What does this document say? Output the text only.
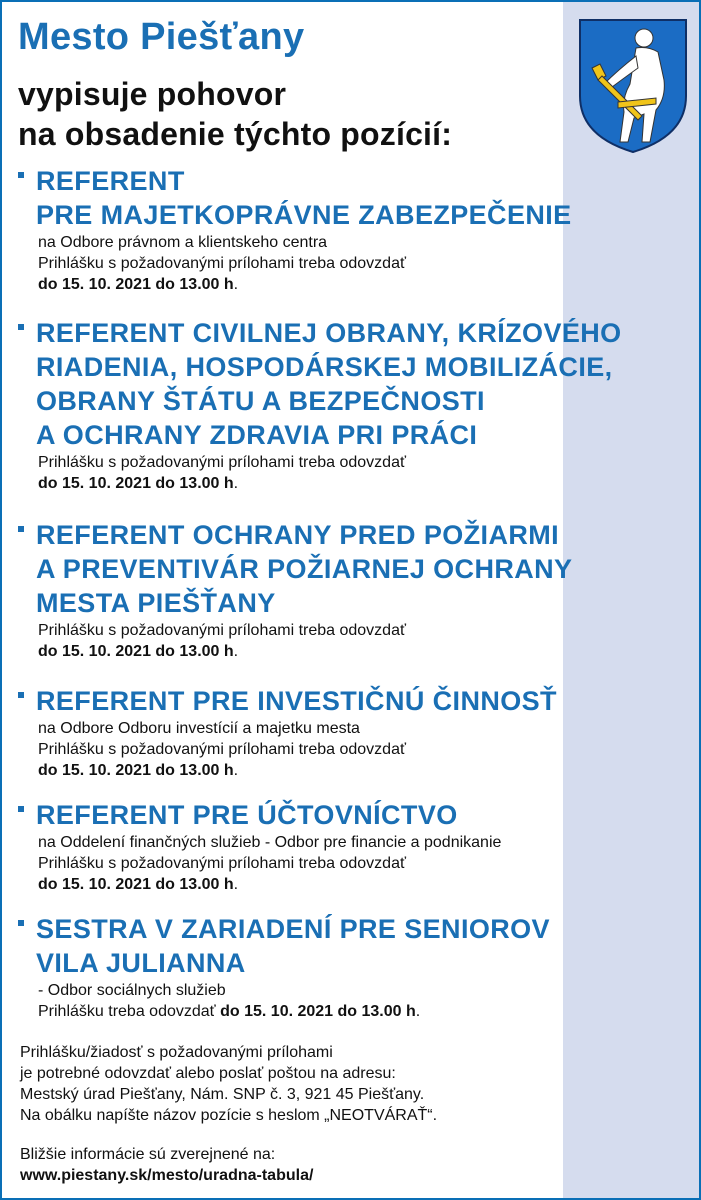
Mesto Piešťany
vypisuje pohovor
na obsadenie týchto pozícií:
REFERENT
PRE MAJETKOPRÁVNE ZABEZPEČENIE
na Odbore právnom a klientskeho centra
Prihlášku s požadovanými prílohami treba odovzdať
do 15. 10. 2021 do 13.00 h.
REFERENT CIVILNEJ OBRANY, KRÍZOVÉHO
RIADENIA, HOSPODÁRSKEJ MOBILIZÁCIE,
OBRANY ŠTÁTU A BEZPEČNOSTI
A OCHRANY ZDRAVIA PRI PRÁCI
Prihlášku s požadovanými prílohami treba odovzdať
do 15. 10. 2021 do 13.00 h.
REFERENT OCHRANY PRED POŽIARMI
A PREVENTIVÁR POŽIARNEJ OCHRANY
MESTA PIEŠŤANY
Prihlášku s požadovanými prílohami treba odovzdať
do 15. 10. 2021 do 13.00 h.
REFERENT PRE INVESTIČNÚ ČINNOSŤ
na Odbore Odboru investícií a majetku mesta
Prihlášku s požadovanými prílohami treba odovzdať
do 15. 10. 2021 do 13.00 h.
REFERENT PRE ÚČTOVNÍCTVO
na Oddelení finančných služieb - Odbor pre financie a podnikanie
Prihlášku s požadovanými prílohami treba odovzdať
do 15. 10. 2021 do 13.00 h.
SESTRA V ZARIADENÍ PRE SENIOROV
VILA JULIANNA
- Odbor sociálnych služieb
Prihlášku treba odovzdať do 15. 10. 2021 do 13.00 h.
Prihlášku/žiadosť s požadovanými prílohami
je potrebné odovzdať alebo poslať poštou na adresu:
Mestský úrad Piešťany, Nám. SNP č. 3, 921 45 Piešťany.
Na obálku napíšte názov pozície s heslom „NEOTVÁRAŤ“.
Bližšie informácie sú zverejnené na:
www.piestany.sk/mesto/uradna-tabula/
